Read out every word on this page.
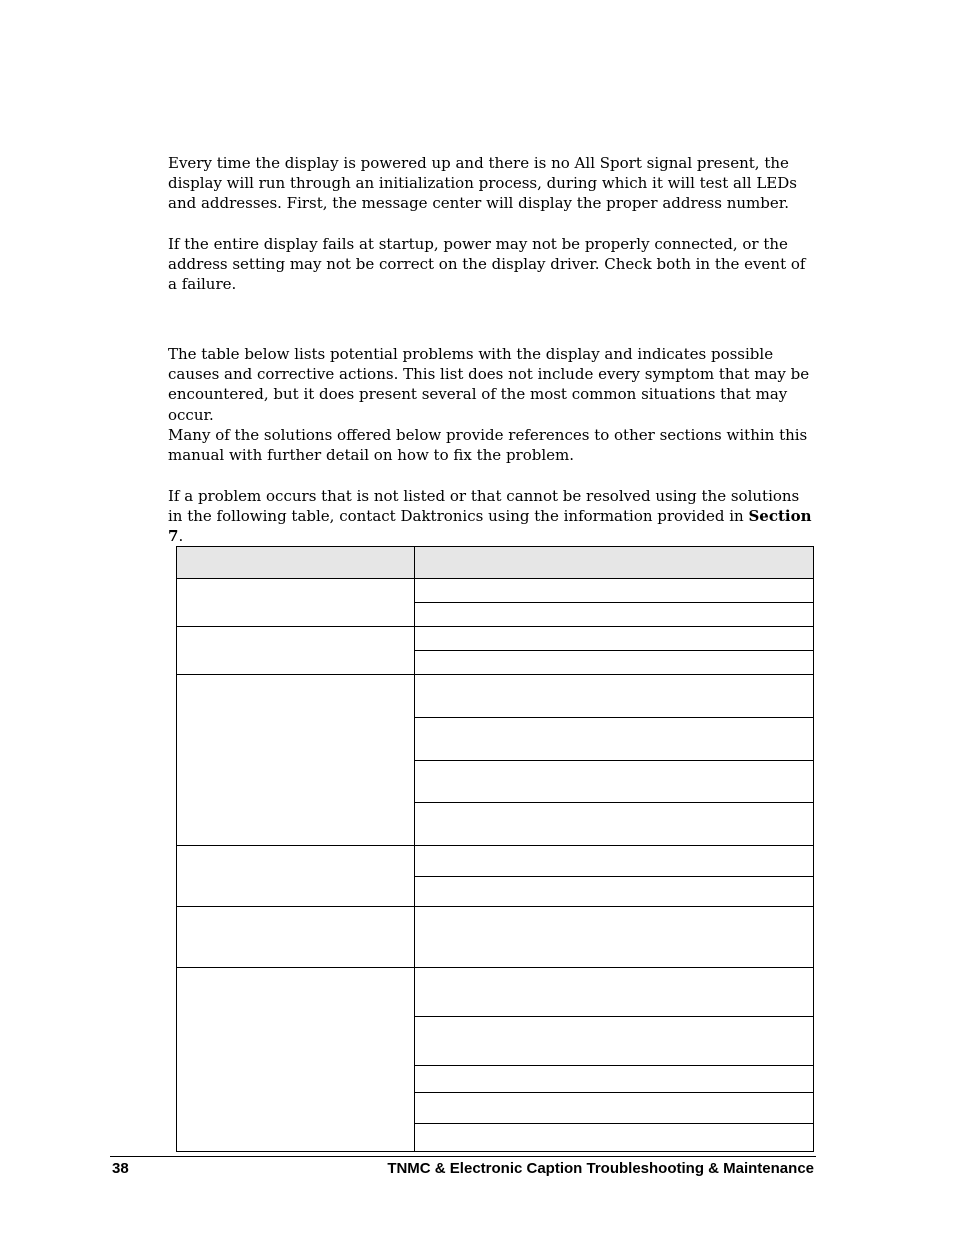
Every time the display is powered up and there is no All Sport signal present, the display will run through an initialization process, during which it will test all LEDs and addresses. First, the message center will display the proper address number.

If the entire display fails at startup, power may not be properly connected, or the address setting may not be correct on the display driver. Check both in the event of a failure.

The table below lists potential problems with the display and indicates possible causes and corrective actions. This list does not include every symptom that may be encountered, but it does present several of the most common situations that may occur.

Many of the solutions offered below provide references to other sections within this manual with further detail on how to fix the problem.

If a problem occurs that is not listed or that cannot be resolved using the solutions in the following table, contact Daktronics using the information provided in Section 7.

38	TNMC & Electronic Caption Troubleshooting & Maintenance
